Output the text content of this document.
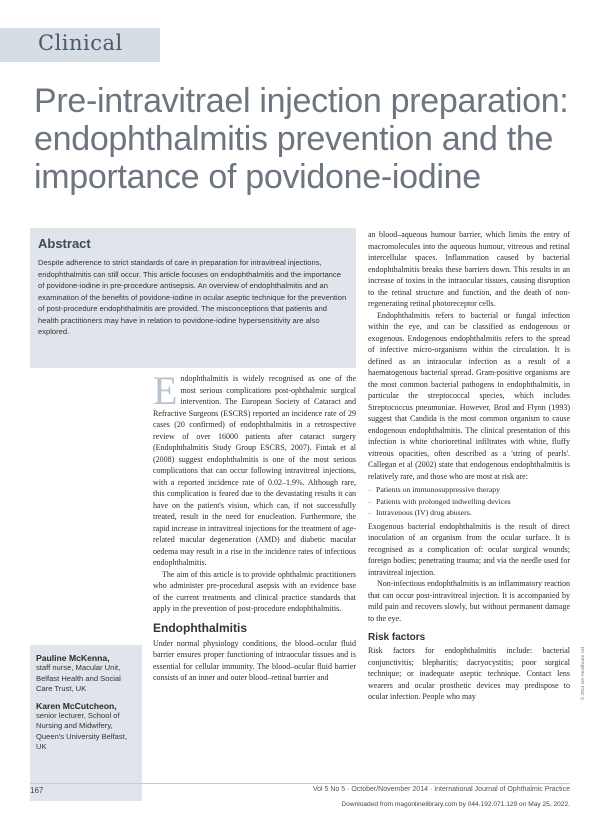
Clinical
Pre-intravitrael injection preparation: endophthalmitis prevention and the importance of povidone-iodine
Abstract

Despite adherence to strict standards of care in preparation for intravitreal injections, endophthalmitis can still occur. This article focuses on endophthalmitis and the importance of povidone-iodine in pre-procedure antisepsis. An overview of endophthalmitis and an examination of the benefits of povidone-iodine in ocular aseptic technique for the prevention of post-procedure endophthalmitis are provided. The misconceptions that patients and health practitioners may have in relation to povidone-iodine hypersensitivity are also explored.

Endophthalmitis is widely recognised as one of the most serious complications post-ophthalmic surgical intervention. The European Society of Cataract and Refractive Surgeons (ESCRS) reported an incidence rate of 29 cases (20 confirmed) of endophthalmitis in a retrospective review of over 16000 patients after cataract surgery (Endophthalmitis Study Group ESCRS, 2007). Fintak et al (2008) suggest endophthalmitis is one of the most serious complications that can occur following intravitreal injections, with a reported incidence rate of 0.02–1.9%. Although rare, this complication is feared due to the devastating results it can have on the patient's vision, which can, if not successfully treated, result in the need for enucleation. Furthermore, the rapid increase in intravitreal injections for the treatment of age-related macular degeneration (AMD) and diabetic macular oedema may result in a rise in the incidence rates of infectious endophthalmitis.

The aim of this article is to provide ophthalmic practitioners who administer pre-procedural asepsis with an evidence base of the current treatments and clinical practice standards that apply in the prevention of post-procedure endophthalmitis.

Endophthalmitis

Under normal physiology conditions, the blood–ocular fluid barrier ensures proper functioning of intraocular tissues and is essential for cellular immunity. The blood–ocular fluid barrier consists of an inner and outer blood–retinal barrier and

an blood–aqueous humour barrier, which limits the entry of macromolecules into the aqueous humour, vitreous and retinal intercellular spaces. Inflammation caused by bacterial endophthalmitis breaks these barriers down. This results in an increase of toxins in the intraocular tissues, causing disruption to the retinal structure and function, and the death of non-regenerating retinal photoreceptor cells.

Endophthalmitis refers to bacterial or fungal infection within the eye, and can be classified as endogenous or exogenous. Endogenous endophthalmitis refers to the spread of infective micro-organisms within the circulation. It is defined as an intraocular infection as a result of a haematogenous bacterial spread. Gram-positive organisms are the most common bacterial pathogens in endophthalmitis, in particular the streptococcal species, which includes Streptococcus pneumoniae. However, Brod and Flynn (1993) suggest that Candida is the most common organism to cause endogenous endophthalmitis. The clinical presentation of this infection is white chorioretinal infiltrates with white, fluffy vitreous opacities, often described as a 'string of pearls'. Callegan et al (2002) state that endogenous endophthalmitis is relatively rare, and those who are most at risk are:

– Patients on immunosuppressive therapy
– Patients with prolonged indwelling devices
– Intravenous (IV) drug abusers.

Exogenous bacterial endophthalmitis is the result of direct inoculation of an organism from the ocular surface. It is recognised as a complication of: ocular surgical wounds; foreign bodies; penetrating trauma; and via the needle used for intravitreal injection.

Non-infectious endophthalmitis is an inflammatory reaction that can occur post-intravitreal injection. It is accompanied by mild pain and recovers slowly, but without permanent damage to the eye.

Risk factors

Risk factors for endophthalmitis include: bacterial conjunctivitis; blepharitis; dacryocystitis; poor surgical technique; or inadequate aseptic technique. Contact lens wearers and ocular prosthetic devices may predispose to ocular infection. People who may

Pauline McKenna,
staff nurse, Macular Unit, Belfast Health and Social Care Trust, UK
Karen McCutcheon,
senior lecturer, School of Nursing and Midwifery, Queen's University Belfast, UK
© 2014 MA Healthcare Ltd
167	Vol 5 No 5 · October/November 2014 · International Journal of Ophthalmic Practice
Downloaded from magonlinelibrary.com by 044.192.071.129 on May 25, 2022.
